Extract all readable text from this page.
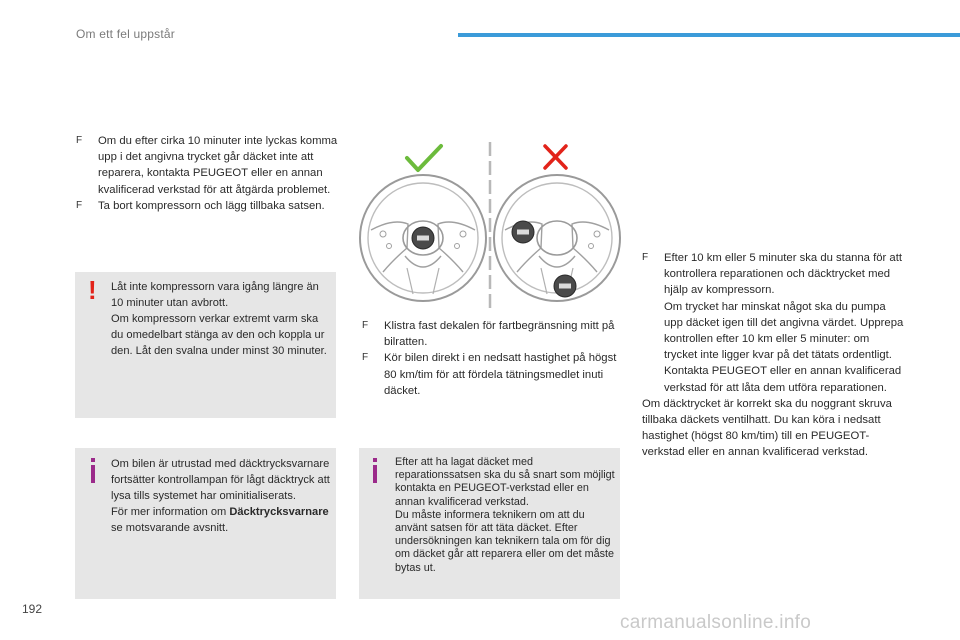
Om ett fel uppstår
F Om du efter cirka 10 minuter inte lyckas komma upp i det angivna trycket går däcket inte att reparera, kontakta PEUGEOT eller en annan kvalificerad verkstad för att åtgärda problemet.
F Ta bort kompressorn och lägg tillbaka satsen.
! Låt inte kompressorn vara igång längre än 10 minuter utan avbrott.

Om kompressorn verkar extremt varm ska du omedelbart stänga av den och koppla ur den. Låt den svalna under minst 30 minuter.

Om bilen är utrustad med däcktrycksvarnare fortsätter kontrollampan för lågt däcktryck att lysa tills systemet har ominitialiserats.

För mer information om Däcktrycksvarnare se motsvarande avsnitt.

F Klistra fast dekalen för fartbegränsning mitt på bilratten.
F Kör bilen direkt i en nedsatt hastighet på högst 80 km/tim för att fördela tätningsmedlet inuti däcket.

Efter att ha lagat däcket med reparationssatsen ska du så snart som möjligt kontakta en PEUGEOT-verkstad eller en annan kvalificerad verkstad.

Du måste informera teknikern om att du använt satsen för att täta däcket. Efter undersökningen kan teknikern tala om för dig om däcket går att reparera eller om det måste bytas ut.

F Efter 10 km eller 5 minuter ska du stanna för att kontrollera reparationen och däcktrycket med hjälp av kompressorn.
Om trycket har minskat något ska du pumpa upp däcket igen till det angivna värdet. Upprepa kontrollen efter 10 km eller 5 minuter: om trycket inte ligger kvar på det tätats ordentligt. Kontakta PEUGEOT eller en annan kvalificerad verkstad för att låta dem utföra reparationen.
Om däcktrycket är korrekt ska du noggrant skruva tillbaka däckets ventilhatt. Du kan köra i nedsatt hastighet (högst 80 km/tim) till en PEUGEOT-verkstad eller en annan kvalificerad verkstad.
192
carmanualsonline.info
